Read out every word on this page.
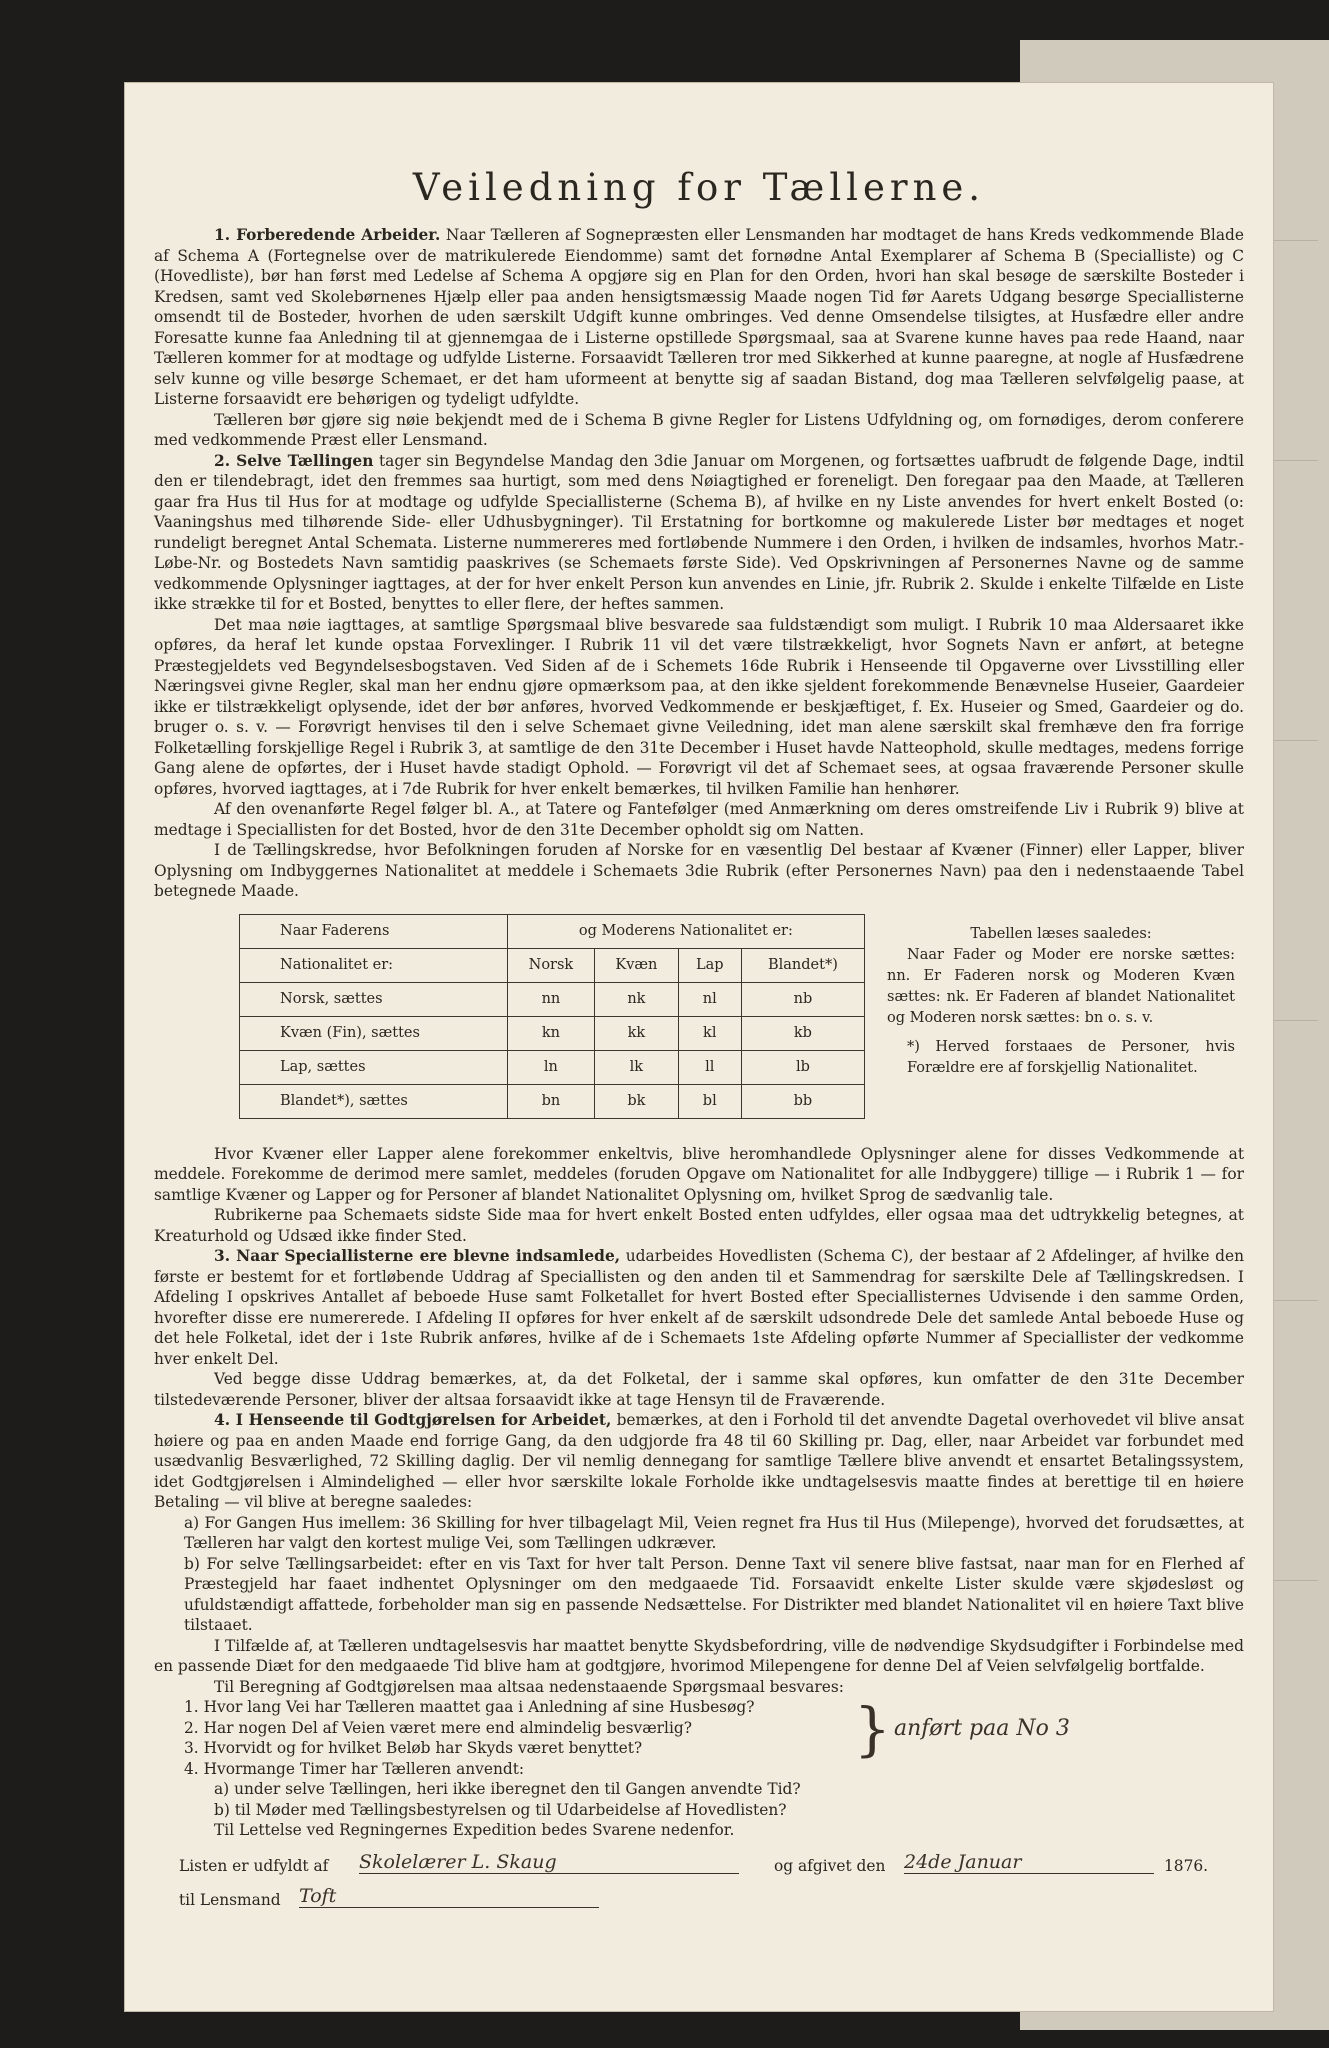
Veiledning for Tællerne.

1. Forberedende Arbeider. Naar Tælleren af Sognepræsten eller Lensmanden har modtaget de hans Kreds vedkommende Blade af Schema A (Fortegnelse over de matrikulerede Eiendomme) samt det fornødne Antal Exemplarer af Schema B (Specialliste) og C (Hovedliste), bør han først med Ledelse af Schema A opgjøre sig en Plan for den Orden, hvori han skal besøge de særskilte Bosteder i Kredsen, samt ved Skolebørnenes Hjælp eller paa anden hensigtsmæssig Maade nogen Tid før Aarets Udgang besørge Speciallisterne omsendt til de Bosteder, hvorhen de uden særskilt Udgift kunne ombringes. Ved denne Omsendelse tilsigtes, at Husfædre eller andre Foresatte kunne faa Anledning til at gjennemgaa de i Listerne opstillede Spørgsmaal, saa at Svarene kunne haves paa rede Haand, naar Tælleren kommer for at modtage og udfylde Listerne. Forsaavidt Tælleren tror med Sikkerhed at kunne paaregne, at nogle af Husfædrene selv kunne og ville besørge Schemaet, er det ham uformeent at benytte sig af saadan Bistand, dog maa Tælleren selvfølgelig paase, at Listerne forsaavidt ere behørigen og tydeligt udfyldte.

Tælleren bør gjøre sig nøie bekjendt med de i Schema B givne Regler for Listens Udfyldning og, om fornødiges, derom conferere med vedkommende Præst eller Lensmand.

2. Selve Tællingen tager sin Begyndelse Mandag den 3die Januar om Morgenen, og fortsættes uafbrudt de følgende Dage, indtil den er tilendebragt, idet den fremmes saa hurtigt, som med dens Nøiagtighed er foreneligt. Den foregaar paa den Maade, at Tælleren gaar fra Hus til Hus for at modtage og udfylde Speciallisterne (Schema B), af hvilke en ny Liste anvendes for hvert enkelt Bosted (o: Vaaningshus med tilhørende Side- eller Udhusbygninger). Til Erstatning for bortkomne og makulerede Lister bør medtages et noget rundeligt beregnet Antal Schemata. Listerne nummereres med fortløbende Nummere i den Orden, i hvilken de indsamles, hvorhos Matr.-Løbe-Nr. og Bostedets Navn samtidig paaskrives (se Schemaets første Side). Ved Opskrivningen af Personernes Navne og de samme vedkommende Oplysninger iagttages, at der for hver enkelt Person kun anvendes en Linie, jfr. Rubrik 2. Skulde i enkelte Tilfælde en Liste ikke strække til for et Bosted, benyttes to eller flere, der heftes sammen.

Det maa nøie iagttages, at samtlige Spørgsmaal blive besvarede saa fuldstændigt som muligt. I Rubrik 10 maa Aldersaaret ikke opføres, da heraf let kunde opstaa Forvexlinger. I Rubrik 11 vil det være tilstrækkeligt, hvor Sognets Navn er anført, at betegne Præstegjeldets ved Begyndelsesbogstaven. Ved Siden af de i Schemets 16de Rubrik i Henseende til Opgaverne over Livsstilling eller Næringsvei givne Regler, skal man her endnu gjøre opmærksom paa, at den ikke sjeldent forekommende Benævnelse Huseier, Gaardeier ikke er tilstrækkeligt oplysende, idet der bør anføres, hvorved Vedkommende er beskjæftiget, f. Ex. Huseier og Smed, Gaardeier og do. bruger o. s. v. — Forøvrigt henvises til den i selve Schemaet givne Veiledning, idet man alene særskilt skal fremhæve den fra forrige Folketælling forskjellige Regel i Rubrik 3, at samtlige de den 31te December i Huset havde Natteophold, skulle medtages, medens forrige Gang alene de opførtes, der i Huset havde stadigt Ophold. — Forøvrigt vil det af Schemaet sees, at ogsaa fraværende Personer skulle opføres, hvorved iagttages, at i 7de Rubrik for hver enkelt bemærkes, til hvilken Familie han henhører.

Af den ovenanførte Regel følger bl. A., at Tatere og Fantefølger (med Anmærkning om deres omstreifende Liv i Rubrik 9) blive at medtage i Speciallisten for det Bosted, hvor de den 31te December opholdt sig om Natten.

I de Tællingskredse, hvor Befolkningen foruden af Norske for en væsentlig Del bestaar af Kvæner (Finner) eller Lapper, bliver Oplysning om Indbyggernes Nationalitet at meddele i Schemaets 3die Rubrik (efter Personernes Navn) paa den i nedenstaaende Tabel betegnede Maade.

Naar Faderens	og Moderens Nationalitet er:			
Nationalitet er:	Norsk	Kvæn	Lap	Blandet*)
Norsk, sættes	nn	nk	nl	nb
Kvæn (Fin), sættes	kn	kk	kl	kb
Lap, sættes	ln	lk	ll	lb
Blandet*), sættes	bn	bk	bl	bb

Tabellen læses saaledes:

Naar Fader og Moder ere norske sættes: nn. Er Faderen norsk og Moderen Kvæn sættes: nk. Er Faderen af blandet Nationalitet og Moderen norsk sættes: bn o. s. v.

*) Herved forstaaes de Personer, hvis Forældre ere af forskjellig Nationalitet.

Hvor Kvæner eller Lapper alene forekommer enkeltvis, blive heromhandlede Oplysninger alene for disses Vedkommende at meddele. Forekomme de derimod mere samlet, meddeles (foruden Opgave om Nationalitet for alle Indbyggere) tillige — i Rubrik 1 — for samtlige Kvæner og Lapper og for Personer af blandet Nationalitet Oplysning om, hvilket Sprog de sædvanlig tale.

Rubrikerne paa Schemaets sidste Side maa for hvert enkelt Bosted enten udfyldes, eller ogsaa maa det udtrykkelig betegnes, at Kreaturhold og Udsæd ikke finder Sted.

3. Naar Speciallisterne ere blevne indsamlede, udarbeides Hovedlisten (Schema C), der bestaar af 2 Afdelinger, af hvilke den første er bestemt for et fortløbende Uddrag af Speciallisten og den anden til et Sammendrag for særskilte Dele af Tællingskredsen. I Afdeling I opskrives Antallet af beboede Huse samt Folketallet for hvert Bosted efter Speciallisternes Udvisende i den samme Orden, hvorefter disse ere numererede. I Afdeling II opføres for hver enkelt af de særskilt udsondrede Dele det samlede Antal beboede Huse og det hele Folketal, idet der i 1ste Rubrik anføres, hvilke af de i Schemaets 1ste Afdeling opførte Nummer af Speciallister der vedkomme hver enkelt Del.

Ved begge disse Uddrag bemærkes, at, da det Folketal, der i samme skal opføres, kun omfatter de den 31te December tilstedeværende Personer, bliver der altsaa forsaavidt ikke at tage Hensyn til de Fraværende.

4. I Henseende til Godtgjørelsen for Arbeidet, bemærkes, at den i Forhold til det anvendte Dagetal overhovedet vil blive ansat høiere og paa en anden Maade end forrige Gang, da den udgjorde fra 48 til 60 Skilling pr. Dag, eller, naar Arbeidet var forbundet med usædvanlig Besværlighed, 72 Skilling daglig. Der vil nemlig dennegang for samtlige Tællere blive anvendt et ensartet Betalingssystem, idet Godtgjørelsen i Almindelighed — eller hvor særskilte lokale Forholde ikke undtagelsesvis maatte findes at berettige til en høiere Betaling — vil blive at beregne saaledes:

a) For Gangen Hus imellem: 36 Skilling for hver tilbagelagt Mil, Veien regnet fra Hus til Hus (Milepenge), hvorved det forudsættes, at Tælleren har valgt den kortest mulige Vei, som Tællingen udkræver.

b) For selve Tællingsarbeidet: efter en vis Taxt for hver talt Person. Denne Taxt vil senere blive fastsat, naar man for en Flerhed af Præstegjeld har faaet indhentet Oplysninger om den medgaaede Tid. Forsaavidt enkelte Lister skulde være skjødesløst og ufuldstændigt affattede, forbeholder man sig en passende Nedsættelse. For Distrikter med blandet Nationalitet vil en høiere Taxt blive tilstaaet.

I Tilfælde af, at Tælleren undtagelsesvis har maattet benytte Skydsbefordring, ville de nødvendige Skydsudgifter i Forbindelse med en passende Diæt for den medgaaede Tid blive ham at godtgjøre, hvorimod Milepengene for denne Del af Veien selvfølgelig bortfalde.

Til Beregning af Godtgjørelsen maa altsaa nedenstaaende Spørgsmaal besvares:

1. Hvor lang Vei har Tælleren maattet gaa i Anledning af sine Husbesøg?
2. Har nogen Del af Veien været mere end almindelig besværlig?
3. Hvorvidt og for hvilket Beløb har Skyds været benyttet?
4. Hvormange Timer har Tælleren anvendt:
a) under selve Tællingen, heri ikke iberegnet den til Gangen anvendte Tid?
b) til Møder med Tællingsbestyrelsen og til Udarbeidelse af Hovedlisten?

Til Lettelse ved Regningernes Expedition bedes Svarene nedenfor.

} anført paa No 3
Listen er udfyldt af Skolelærer L. Skaug	og afgivet den 24de Januar	1876.
til Lensmand Toft
